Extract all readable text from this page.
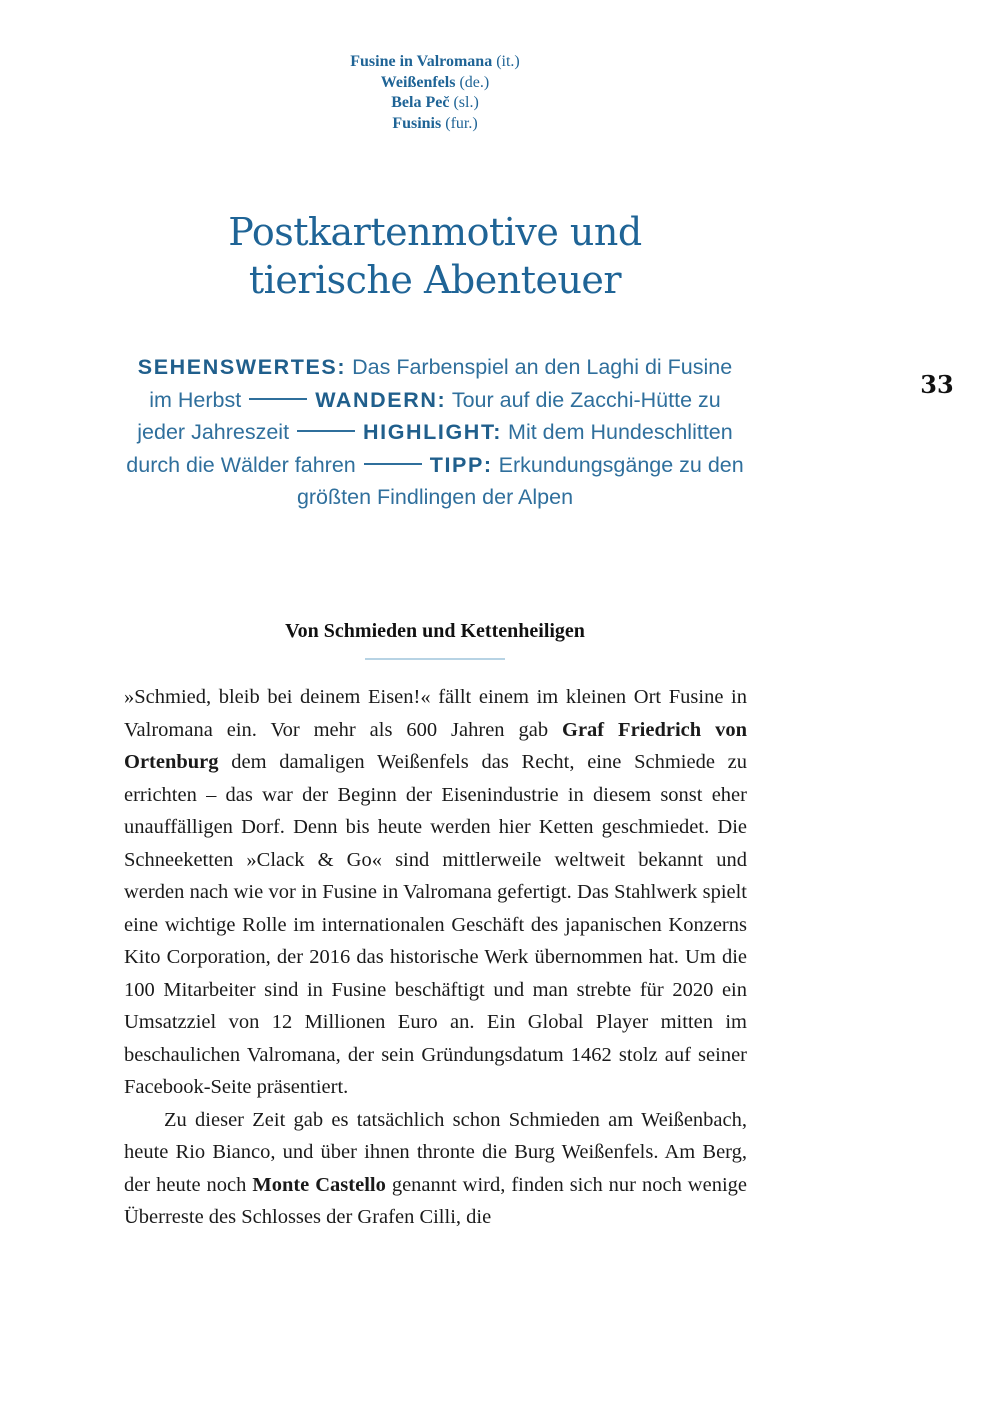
Fusine in Valromana (it.)
Weißenfels (de.)
Bela Peč (sl.)
Fusinis (fur.)
Postkartenmotive und
tierische Abenteuer
33
SEHENSWERTES: Das Farbenspiel an den Laghi di Fusine im Herbst	WANDERN: Tour auf die Zacchi-Hütte zu jeder Jahreszeit	HIGHLIGHT: Mit dem Hundeschlitten durch die Wälder fahren	TIPP: Erkundungsgänge zu den größten Findlingen der Alpen
Von Schmieden und Kettenheiligen

»Schmied, bleib bei deinem Eisen!« fällt einem im kleinen Ort Fusine in Valromana ein. Vor mehr als 600 Jahren gab Graf Friedrich von Ortenburg dem damaligen Weißenfels das Recht, eine Schmiede zu errichten – das war der Beginn der Eisenindustrie in diesem sonst eher unauffälligen Dorf. Denn bis heute werden hier Ketten geschmiedet. Die Schneeketten »Clack & Go« sind mittlerweile weltweit bekannt und werden nach wie vor in Fusine in Valromana gefertigt. Das Stahlwerk spielt eine wichtige Rolle im internationalen Geschäft des japanischen Konzerns Kito Corporation, der 2016 das historische Werk übernommen hat. Um die 100 Mitarbeiter sind in Fusine beschäftigt und man strebte für 2020 ein Umsatzziel von 12 Millionen Euro an. Ein Global Player mitten im beschaulichen Valromana, der sein Gründungsdatum 1462 stolz auf seiner Facebook-Seite präsentiert.

Zu dieser Zeit gab es tatsächlich schon Schmieden am Weißenbach, heute Rio Bianco, und über ihnen thronte die Burg Weißenfels. Am Berg, der heute noch Monte Castello genannt wird, finden sich nur noch wenige Überreste des Schlosses der Grafen Cilli, die
